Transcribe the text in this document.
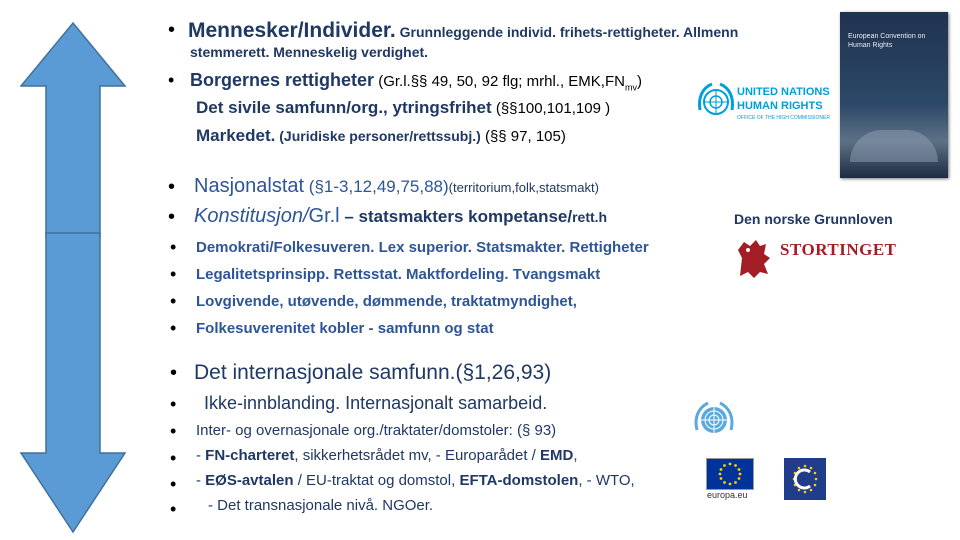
• Mennesker/Individer. Grunnleggende individ. frihets-rettigheter. Allmenn
stemmerett. Menneskelig verdighet.
• Borgernes rettigheter (Gr.l.§§ 49, 50, 92 flg; mrhl., $EMK,FN_{mv}$)
Det sivile samfunn/org., ytringsfrihet (§§100,101,109 )
Markedet. (Juridiske personer/rettssubj.) (§§ 97, 105)
• Nasjonalstat (§1-3,12,49,75,88)(territorium,folk,statsmakt)
• Konstitusjon/Gr.l – statsmakters kompetanse/rett.h
• Demokrati/Folkesuveren. Lex superior. Statsmakter. Rettigheter
• Legalitetsprinsipp. Rettsstat. Maktfordeling. Tvangsmakt
• Lovgivende, utøvende, dømmende, traktatmyndighet,
• Folkesuverenitet kobler - samfunn og stat
• Det internasjonale samfunn.(§1,26,93)
• Ikke-innblanding. Internasjonalt samarbeid.
• Inter- og overnasjonale org./traktater/domstoler: (§ 93)
• - FN-charteret, sikkerhetsrådet mv, - Europarådet / EMD,
• - EØS-avtalen / EU-traktat og domstol, EFTA-domstolen, - WTO,
• - Det transnasjonale nivå. NGOer.
UNITED NATIONS
HUMAN RIGHTS
OFFICE OF THE HIGH COMMISSIONER
European Convention on Human Rights
Den norske Grunnloven
STORTINGET
europa.eu
